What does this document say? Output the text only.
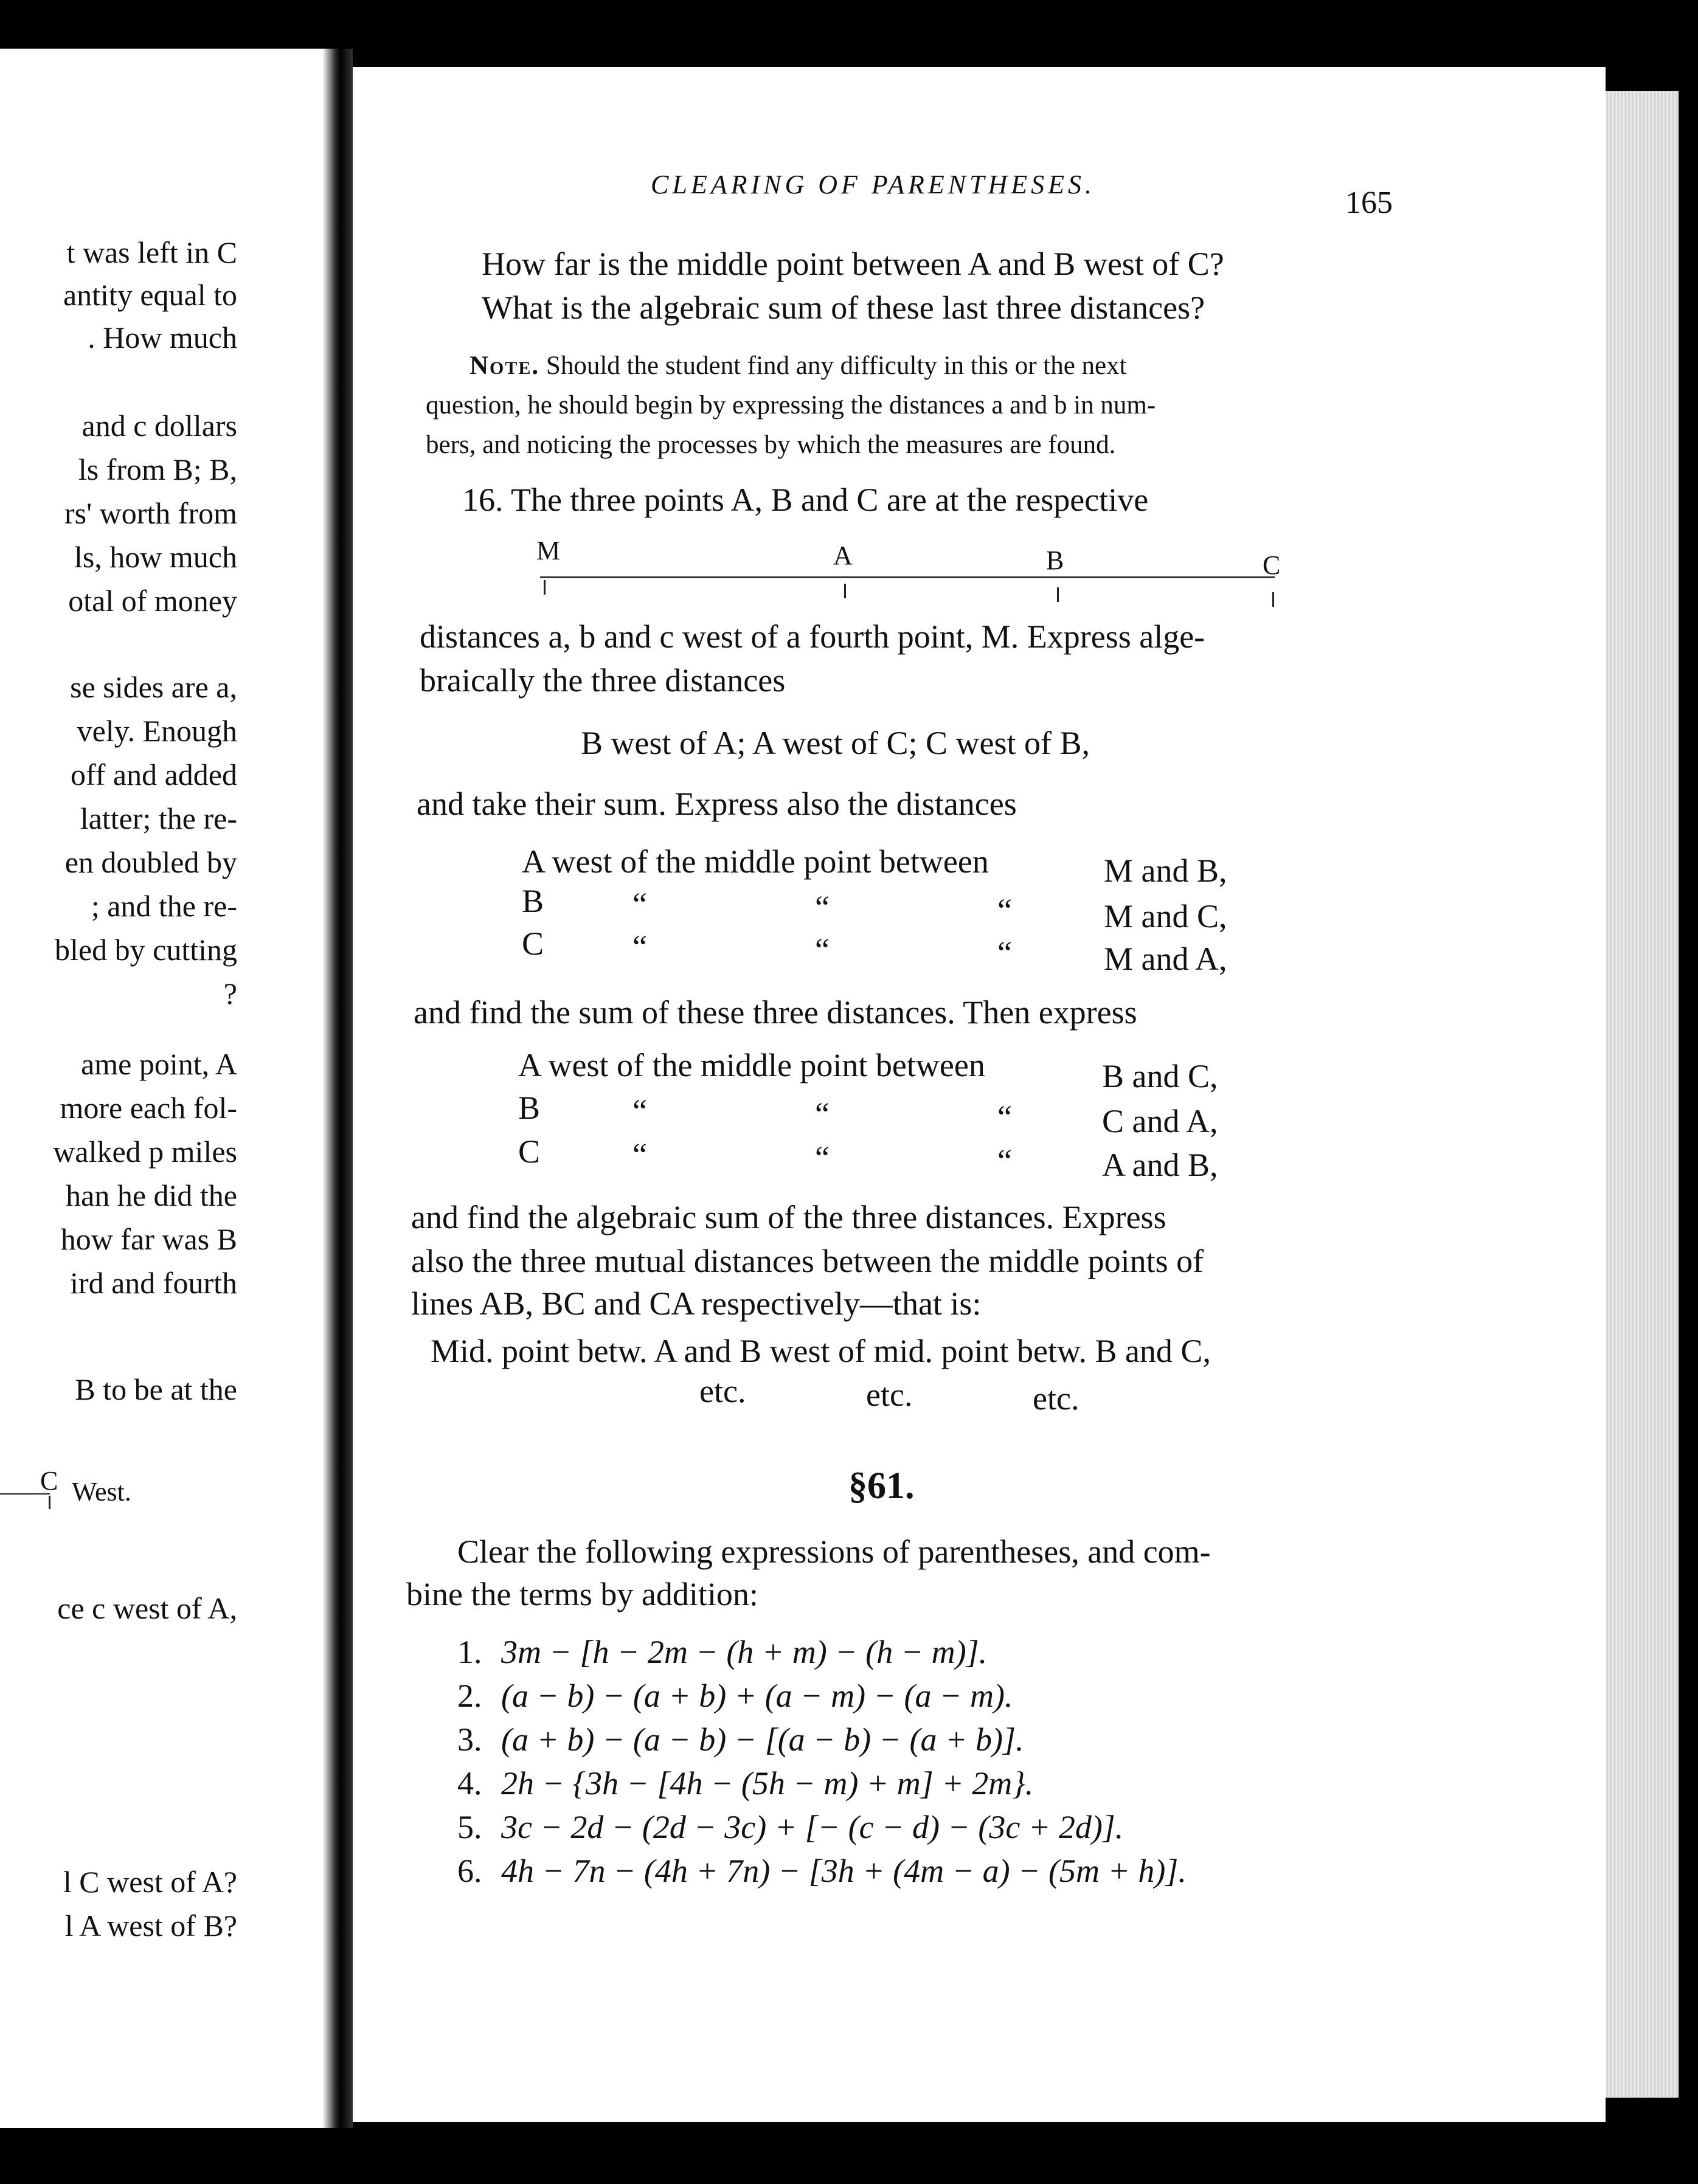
t was left in C
antity equal to
. How much
and c dollars
ls from B; B,
rs' worth from
ls, how much
otal of money
se sides are a,
vely. Enough
off and added
latter; the re-
en doubled by
; and the re-
bled by cutting
?
ame point, A
more each fol-
walked p miles
han he did the
how far was B
ird and fourth
B to be at the
C West.
ce c west of A,
l C west of A?
l A west of B?
CLEARING OF PARENTHESES.
165
How far is the middle point between A and B west of C?
What is the algebraic sum of these last three distances?
Note. Should the student find any difficulty in this or the next
question, he should begin by expressing the distances a and b in num-
bers, and noticing the processes by which the measures are found.
16. The three points A, B and C are at the respective
M	A	B	C
distances a, b and c west of a fourth point, M. Express alge-
braically the three distances
B west of A; A west of C; C west of B,
and take their sum. Express also the distances
A west of the middle point between	M and B,
B	“	“	“	M and C,
C	“	“	“	M and A,
and find the sum of these three distances. Then express
A west of the middle point between	B and C,
B	“	“	“	C and A,
C	“	“	“	A and B,
and find the algebraic sum of the three distances. Express
also the three mutual distances between the middle points of
lines AB, BC and CA respectively—that is:
Mid. point betw. A and B west of mid. point betw. B and C,
etc.	etc.	etc.
§61.
Clear the following expressions of parentheses, and com-
bine the terms by addition:
1. 3m − [h − 2m − (h + m) − (h − m)].
2. (a − b) − (a + b) + (a − m) − (a − m).
3. (a + b) − (a − b) − [(a − b) − (a + b)].
4. 2h − {3h − [4h − (5h − m) + m] + 2m}.
5. 3c − 2d − (2d − 3c) + [− (c − d) − (3c + 2d)].
6. 4h − 7n − (4h + 7n) − [3h + (4m − a) − (5m + h)].
